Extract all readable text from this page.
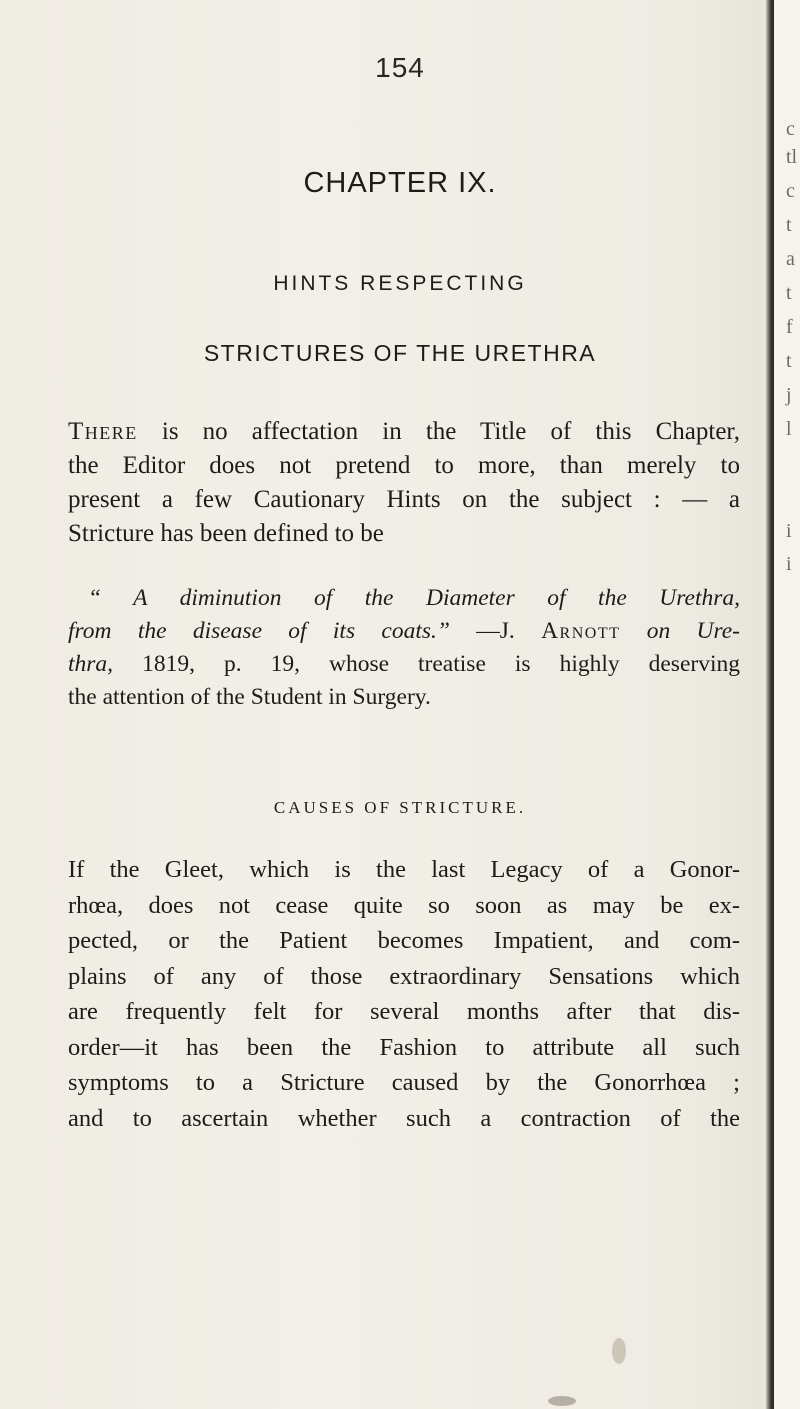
154
CHAPTER IX.
HINTS RESPECTING
STRICTURES OF THE URETHRA
There is no affectation in the Title of this Chapter,
the Editor does not pretend to more, than merely to
present a few Cautionary Hints on the subject : — a
Stricture has been defined to be
“ A diminution of the Diameter of the Urethra,
from the disease of its coats.” —J. Arnott on Ure-
thra, 1819, p. 19, whose treatise is highly deserving
the attention of the Student in Surgery.
CAUSES OF STRICTURE.
If the Gleet, which is the last Legacy of a Gonor-
rhœa, does not cease quite so soon as may be ex-
pected, or the Patient becomes Impatient, and com-
plains of any of those extraordinary Sensations which
are frequently felt for several months after that dis-
order—it has been the Fashion to attribute all such
symptoms to a Stricture caused by the Gonorrhœa ;
and to ascertain whether such a contraction of the
c
tl
c
t
a
t
f
t
j
l
i
i
